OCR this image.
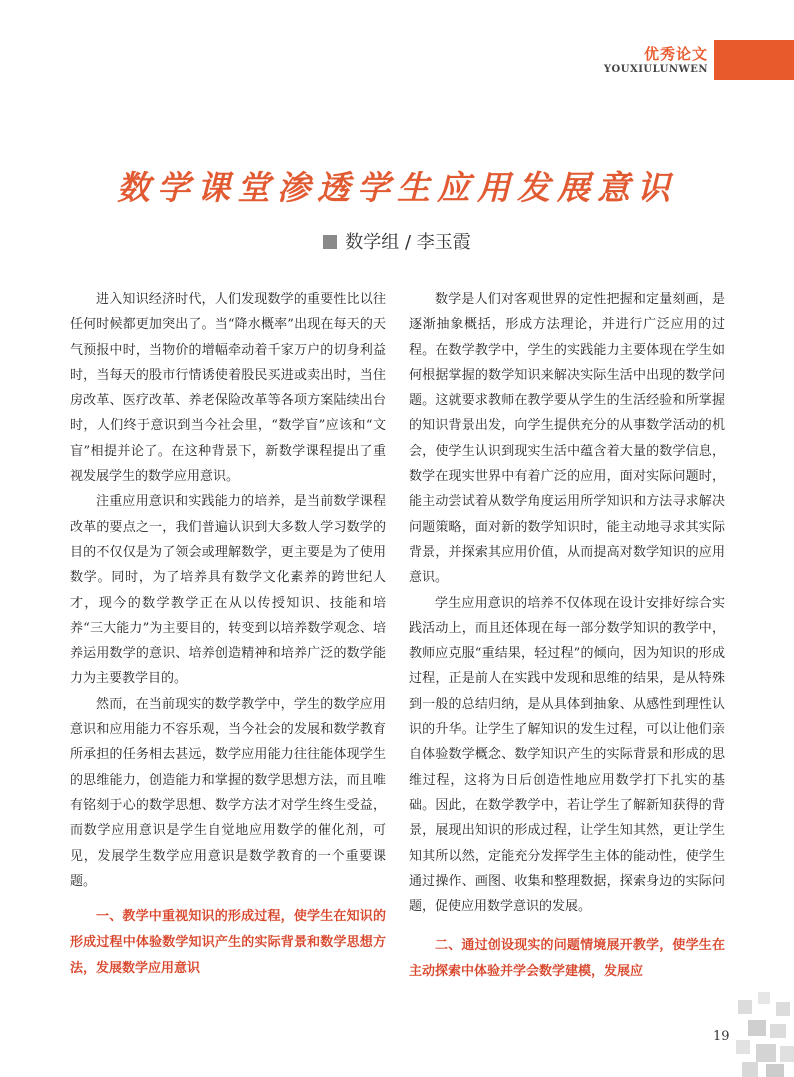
优秀论文
YOUXIULUNWEN
数学课堂渗透学生应用发展意识
数学组 / 李玉霞

进入知识经济时代，人们发现数学的重要性比以往任何时候都更加突出了。当“降水概率”出现在每天的天气预报中时，当物价的增幅牵动着千家万户的切身利益时，当每天的股市行情诱使着股民买进或卖出时，当住房改革、医疗改革、养老保险改革等各项方案陆续出台时，人们终于意识到当今社会里，“数学盲”应该和“文盲”相提并论了。在这种背景下，新数学课程提出了重视发展学生的数学应用意识。

注重应用意识和实践能力的培养，是当前数学课程改革的要点之一，我们普遍认识到大多数人学习数学的目的不仅仅是为了领会或理解数学，更主要是为了使用数学。同时，为了培养具有数学文化素养的跨世纪人才，现今的数学教学正在从以传授知识、技能和培养“三大能力”为主要目的，转变到以培养数学观念、培养运用数学的意识、培养创造精神和培养广泛的数学能力为主要教学目的。

然而，在当前现实的数学教学中，学生的数学应用意识和应用能力不容乐观，当今社会的发展和数学教育所承担的任务相去甚远，数学应用能力往往能体现学生的思维能力，创造能力和掌握的数学思想方法，而且唯有铭刻于心的数学思想、数学方法才对学生终生受益，而数学应用意识是学生自觉地应用数学的催化剂，可见，发展学生数学应用意识是数学教育的一个重要课题。

一、教学中重视知识的形成过程，使学生在知识的形成过程中体验数学知识产生的实际背景和数学思想方法，发展数学应用意识

数学是人们对客观世界的定性把握和定量刻画，是逐渐抽象概括，形成方法理论，并进行广泛应用的过程。在数学教学中，学生的实践能力主要体现在学生如何根据掌握的数学知识来解决实际生活中出现的数学问题。这就要求教师在教学要从学生的生活经验和所掌握的知识背景出发，向学生提供充分的从事数学活动的机会，使学生认识到现实生活中蕴含着大量的数学信息，数学在现实世界中有着广泛的应用，面对实际问题时，能主动尝试着从数学角度运用所学知识和方法寻求解决问题策略，面对新的数学知识时，能主动地寻求其实际背景，并探索其应用价值，从而提高对数学知识的应用意识。

学生应用意识的培养不仅体现在设计安排好综合实践活动上，而且还体现在每一部分数学知识的教学中，教师应克服“重结果，轻过程”的倾向，因为知识的形成过程，正是前人在实践中发现和思维的结果，是从特殊到一般的总结归纳，是从具体到抽象、从感性到理性认识的升华。让学生了解知识的发生过程，可以让他们亲自体验数学概念、数学知识产生的实际背景和形成的思维过程，这将为日后创造性地应用数学打下扎实的基础。因此，在数学教学中，若让学生了解新知获得的背景，展现出知识的形成过程，让学生知其然，更让学生知其所以然，定能充分发挥学生主体的能动性，使学生通过操作、画图、收集和整理数据，探索身边的实际问题，促使应用数学意识的发展。

二、通过创设现实的问题情境展开教学，使学生在主动探索中体验并学会数学建模，发展应

19
